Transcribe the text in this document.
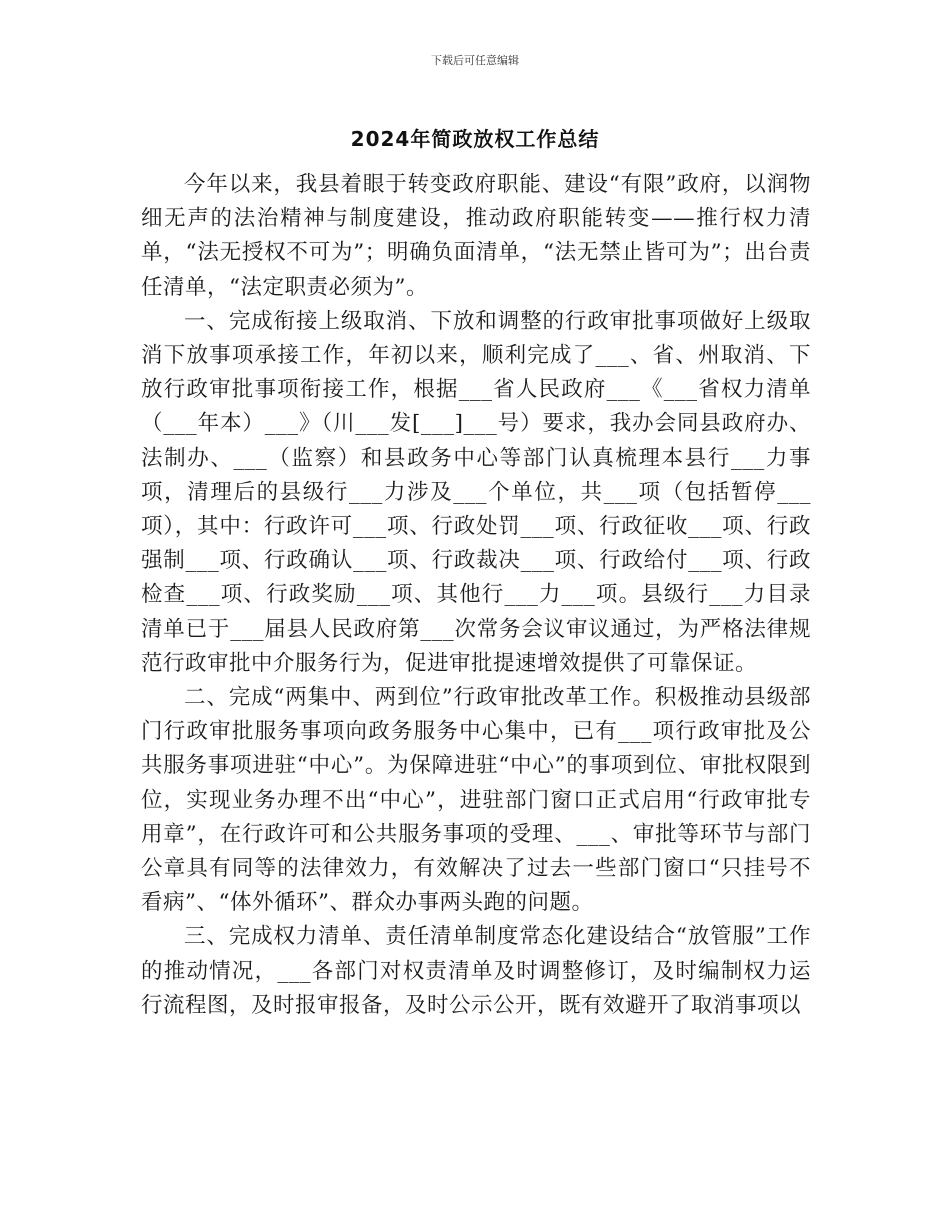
下载后可任意编辑
2024年简政放权工作总结

今年以来，我县着眼于转变政府职能、建设“有限”政府，以润物细无声的法治精神与制度建设，推动政府职能转变——推行权力清单，“法无授权不可为”；明确负面清单，“法无禁止皆可为”；出台责任清单，“法定职责必须为”。

一、完成衔接上级取消、下放和调整的行政审批事项做好上级取消下放事项承接工作，年初以来，顺利完成了___、省、州取消、下放行政审批事项衔接工作，根据___省人民政府___《___省权力清单（___年本）___》（川___发[___]___号）要求，我办会同县政府办、法制办、___（监察）和县政务中心等部门认真梳理本县行___力事项，清理后的县级行___力涉及___个单位，共___项（包括暂停___项），其中：行政许可___项、行政处罚___项、行政征收___项、行政强制___项、行政确认___项、行政裁决___项、行政给付___项、行政检查___项、行政奖励___项、其他行___力___项。县级行___力目录清单已于___届县人民政府第___次常务会议审议通过，为严格法律规范行政审批中介服务行为，促进审批提速增效提供了可靠保证。

二、完成“两集中、两到位”行政审批改革工作。积极推动县级部门行政审批服务事项向政务服务中心集中，已有___项行政审批及公共服务事项进驻“中心”。为保障进驻“中心”的事项到位、审批权限到位，实现业务办理不出“中心”，进驻部门窗口正式启用“行政审批专用章”，在行政许可和公共服务事项的受理、___、审批等环节与部门公章具有同等的法律效力，有效解决了过去一些部门窗口“只挂号不看病”、“体外循环”、群众办事两头跑的问题。

三、完成权力清单、责任清单制度常态化建设结合“放管服”工作的推动情况，___各部门对权责清单及时调整修订，及时编制权力运行流程图，及时报审报备，及时公示公开，既有效避开了取消事项以
